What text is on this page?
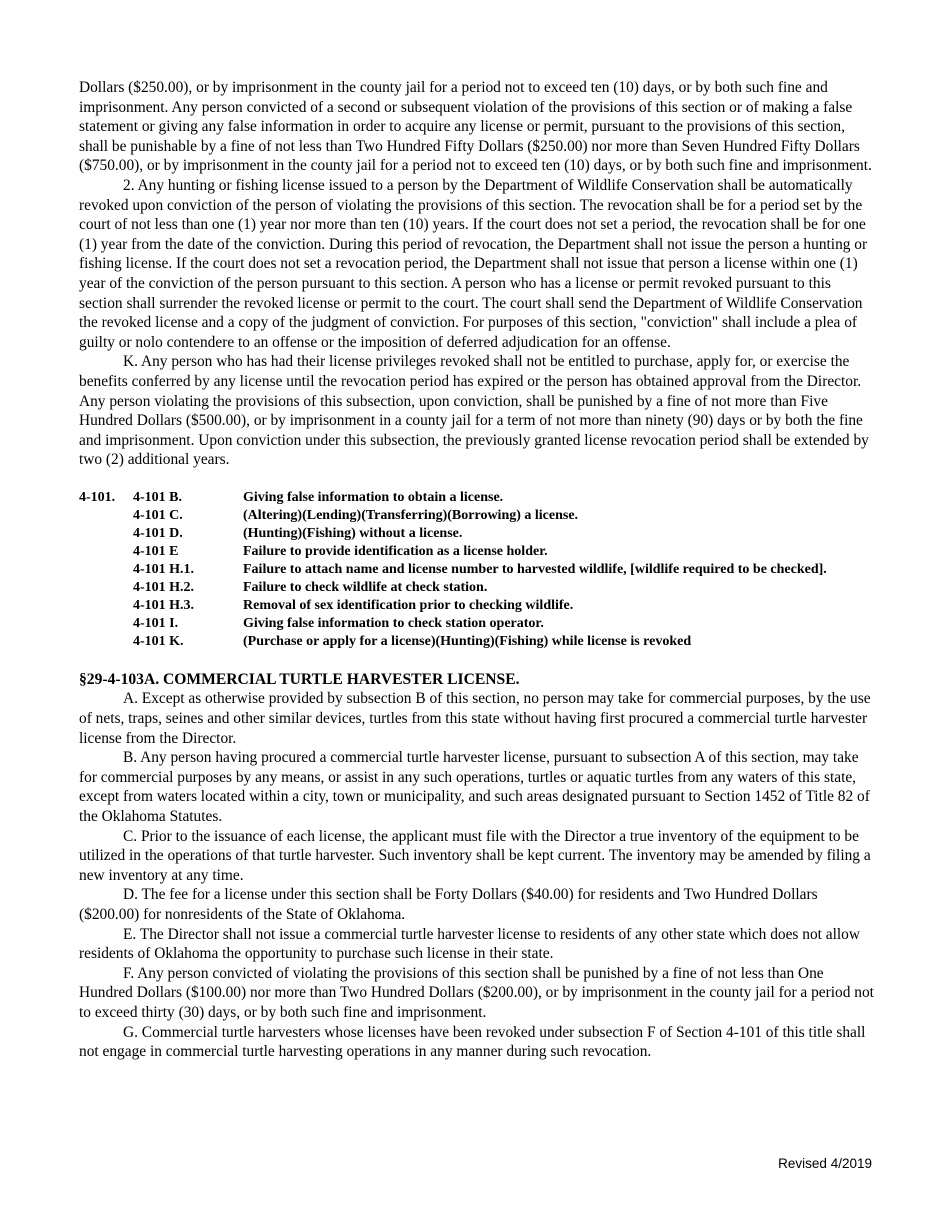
Dollars ($250.00), or by imprisonment in the county jail for a period not to exceed ten (10) days, or by both such fine and imprisonment. Any person convicted of a second or subsequent violation of the provisions of this section or of making a false statement or giving any false information in order to acquire any license or permit, pursuant to the provisions of this section, shall be punishable by a fine of not less than Two Hundred Fifty Dollars ($250.00) nor more than Seven Hundred Fifty Dollars ($750.00), or by imprisonment in the county jail for a period not to exceed ten (10) days, or by both such fine and imprisonment.

2. Any hunting or fishing license issued to a person by the Department of Wildlife Conservation shall be automatically revoked upon conviction of the person of violating the provisions of this section. The revocation shall be for a period set by the court of not less than one (1) year nor more than ten (10) years. If the court does not set a period, the revocation shall be for one (1) year from the date of the conviction. During this period of revocation, the Department shall not issue the person a hunting or fishing license. If the court does not set a revocation period, the Department shall not issue that person a license within one (1) year of the conviction of the person pursuant to this section. A person who has a license or permit revoked pursuant to this section shall surrender the revoked license or permit to the court. The court shall send the Department of Wildlife Conservation the revoked license and a copy of the judgment of conviction. For purposes of this section, "conviction" shall include a plea of guilty or nolo contendere to an offense or the imposition of deferred adjudication for an offense.

K. Any person who has had their license privileges revoked shall not be entitled to purchase, apply for, or exercise the benefits conferred by any license until the revocation period has expired or the person has obtained approval from the Director. Any person violating the provisions of this subsection, upon conviction, shall be punished by a fine of not more than Five Hundred Dollars ($500.00), or by imprisonment in a county jail for a term of not more than ninety (90) days or by both the fine and imprisonment. Upon conviction under this subsection, the previously granted license revocation period shall be extended by two (2) additional years.

4-101.	4-101 B.	Giving false information to obtain a license.
4-101 C.	(Altering)(Lending)(Transferring)(Borrowing) a license.
4-101 D.	(Hunting)(Fishing) without a license.
4-101 E	Failure to provide identification as a license holder.
4-101 H.1.	Failure to attach name and license number to harvested wildlife, [wildlife required to be checked].
4-101 H.2.	Failure to check wildlife at check station.
4-101 H.3.	Removal of sex identification prior to checking wildlife.
4-101 I.	Giving false information to check station operator.
4-101 K.	(Purchase or apply for a license)(Hunting)(Fishing) while license is revoked
§29-4-103A. COMMERCIAL TURTLE HARVESTER LICENSE.

A. Except as otherwise provided by subsection B of this section, no person may take for commercial purposes, by the use of nets, traps, seines and other similar devices, turtles from this state without having first procured a commercial turtle harvester license from the Director.

B. Any person having procured a commercial turtle harvester license, pursuant to subsection A of this section, may take for commercial purposes by any means, or assist in any such operations, turtles or aquatic turtles from any waters of this state, except from waters located within a city, town or municipality, and such areas designated pursuant to Section 1452 of Title 82 of the Oklahoma Statutes.

C. Prior to the issuance of each license, the applicant must file with the Director a true inventory of the equipment to be utilized in the operations of that turtle harvester. Such inventory shall be kept current. The inventory may be amended by filing a new inventory at any time.

D. The fee for a license under this section shall be Forty Dollars ($40.00) for residents and Two Hundred Dollars ($200.00) for nonresidents of the State of Oklahoma.

E. The Director shall not issue a commercial turtle harvester license to residents of any other state which does not allow residents of Oklahoma the opportunity to purchase such license in their state.

F. Any person convicted of violating the provisions of this section shall be punished by a fine of not less than One Hundred Dollars ($100.00) nor more than Two Hundred Dollars ($200.00), or by imprisonment in the county jail for a period not to exceed thirty (30) days, or by both such fine and imprisonment.

G. Commercial turtle harvesters whose licenses have been revoked under subsection F of Section 4-101 of this title shall not engage in commercial turtle harvesting operations in any manner during such revocation.

Revised 4/2019
